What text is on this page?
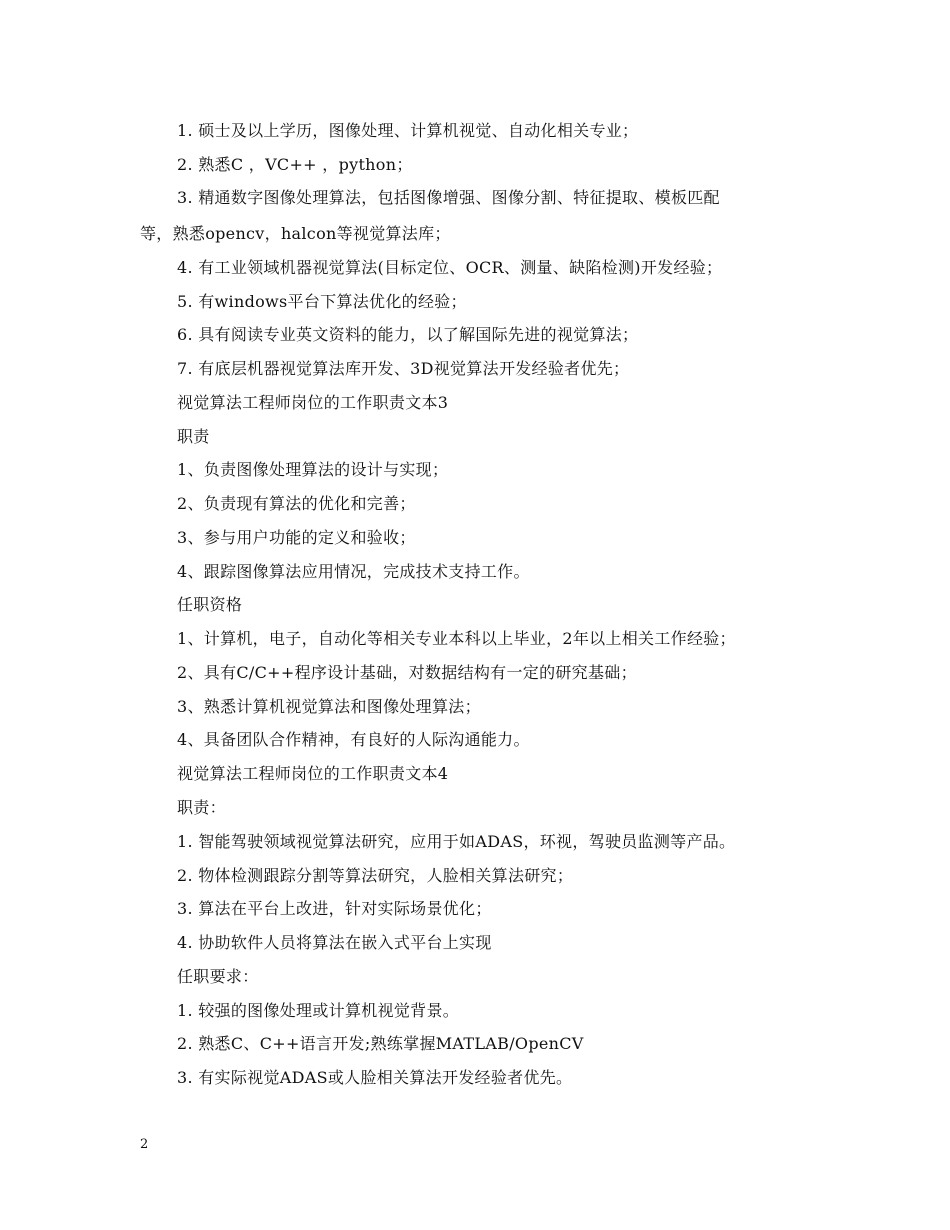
1. 硕士及以上学历，图像处理、计算机视觉、自动化相关专业；
2. 熟悉C ，VC++ ，python；
3. 精通数字图像处理算法，包括图像增强、图像分割、特征提取、模板匹配
等，熟悉opencv，halcon等视觉算法库；
4. 有工业领域机器视觉算法(目标定位、OCR、测量、缺陷检测)开发经验；
5. 有windows平台下算法优化的经验；
6. 具有阅读专业英文资料的能力，以了解国际先进的视觉算法；
7. 有底层机器视觉算法库开发、3D视觉算法开发经验者优先；
视觉算法工程师岗位的工作职责文本3
职责
1、负责图像处理算法的设计与实现；
2、负责现有算法的优化和完善；
3、参与用户功能的定义和验收；
4、跟踪图像算法应用情况，完成技术支持工作。
任职资格
1、计算机，电子，自动化等相关专业本科以上毕业，2年以上相关工作经验；
2、具有C/C++程序设计基础，对数据结构有一定的研究基础；
3、熟悉计算机视觉算法和图像处理算法；
4、具备团队合作精神，有良好的人际沟通能力。
视觉算法工程师岗位的工作职责文本4
职责：
1. 智能驾驶领域视觉算法研究，应用于如ADAS，环视，驾驶员监测等产品。
2. 物体检测跟踪分割等算法研究，人脸相关算法研究；
3. 算法在平台上改进，针对实际场景优化；
4. 协助软件人员将算法在嵌入式平台上实现
任职要求：
1. 较强的图像处理或计算机视觉背景。
2. 熟悉C、C++语言开发;熟练掌握MATLAB/OpenCV
3. 有实际视觉ADAS或人脸相关算法开发经验者优先。
2
